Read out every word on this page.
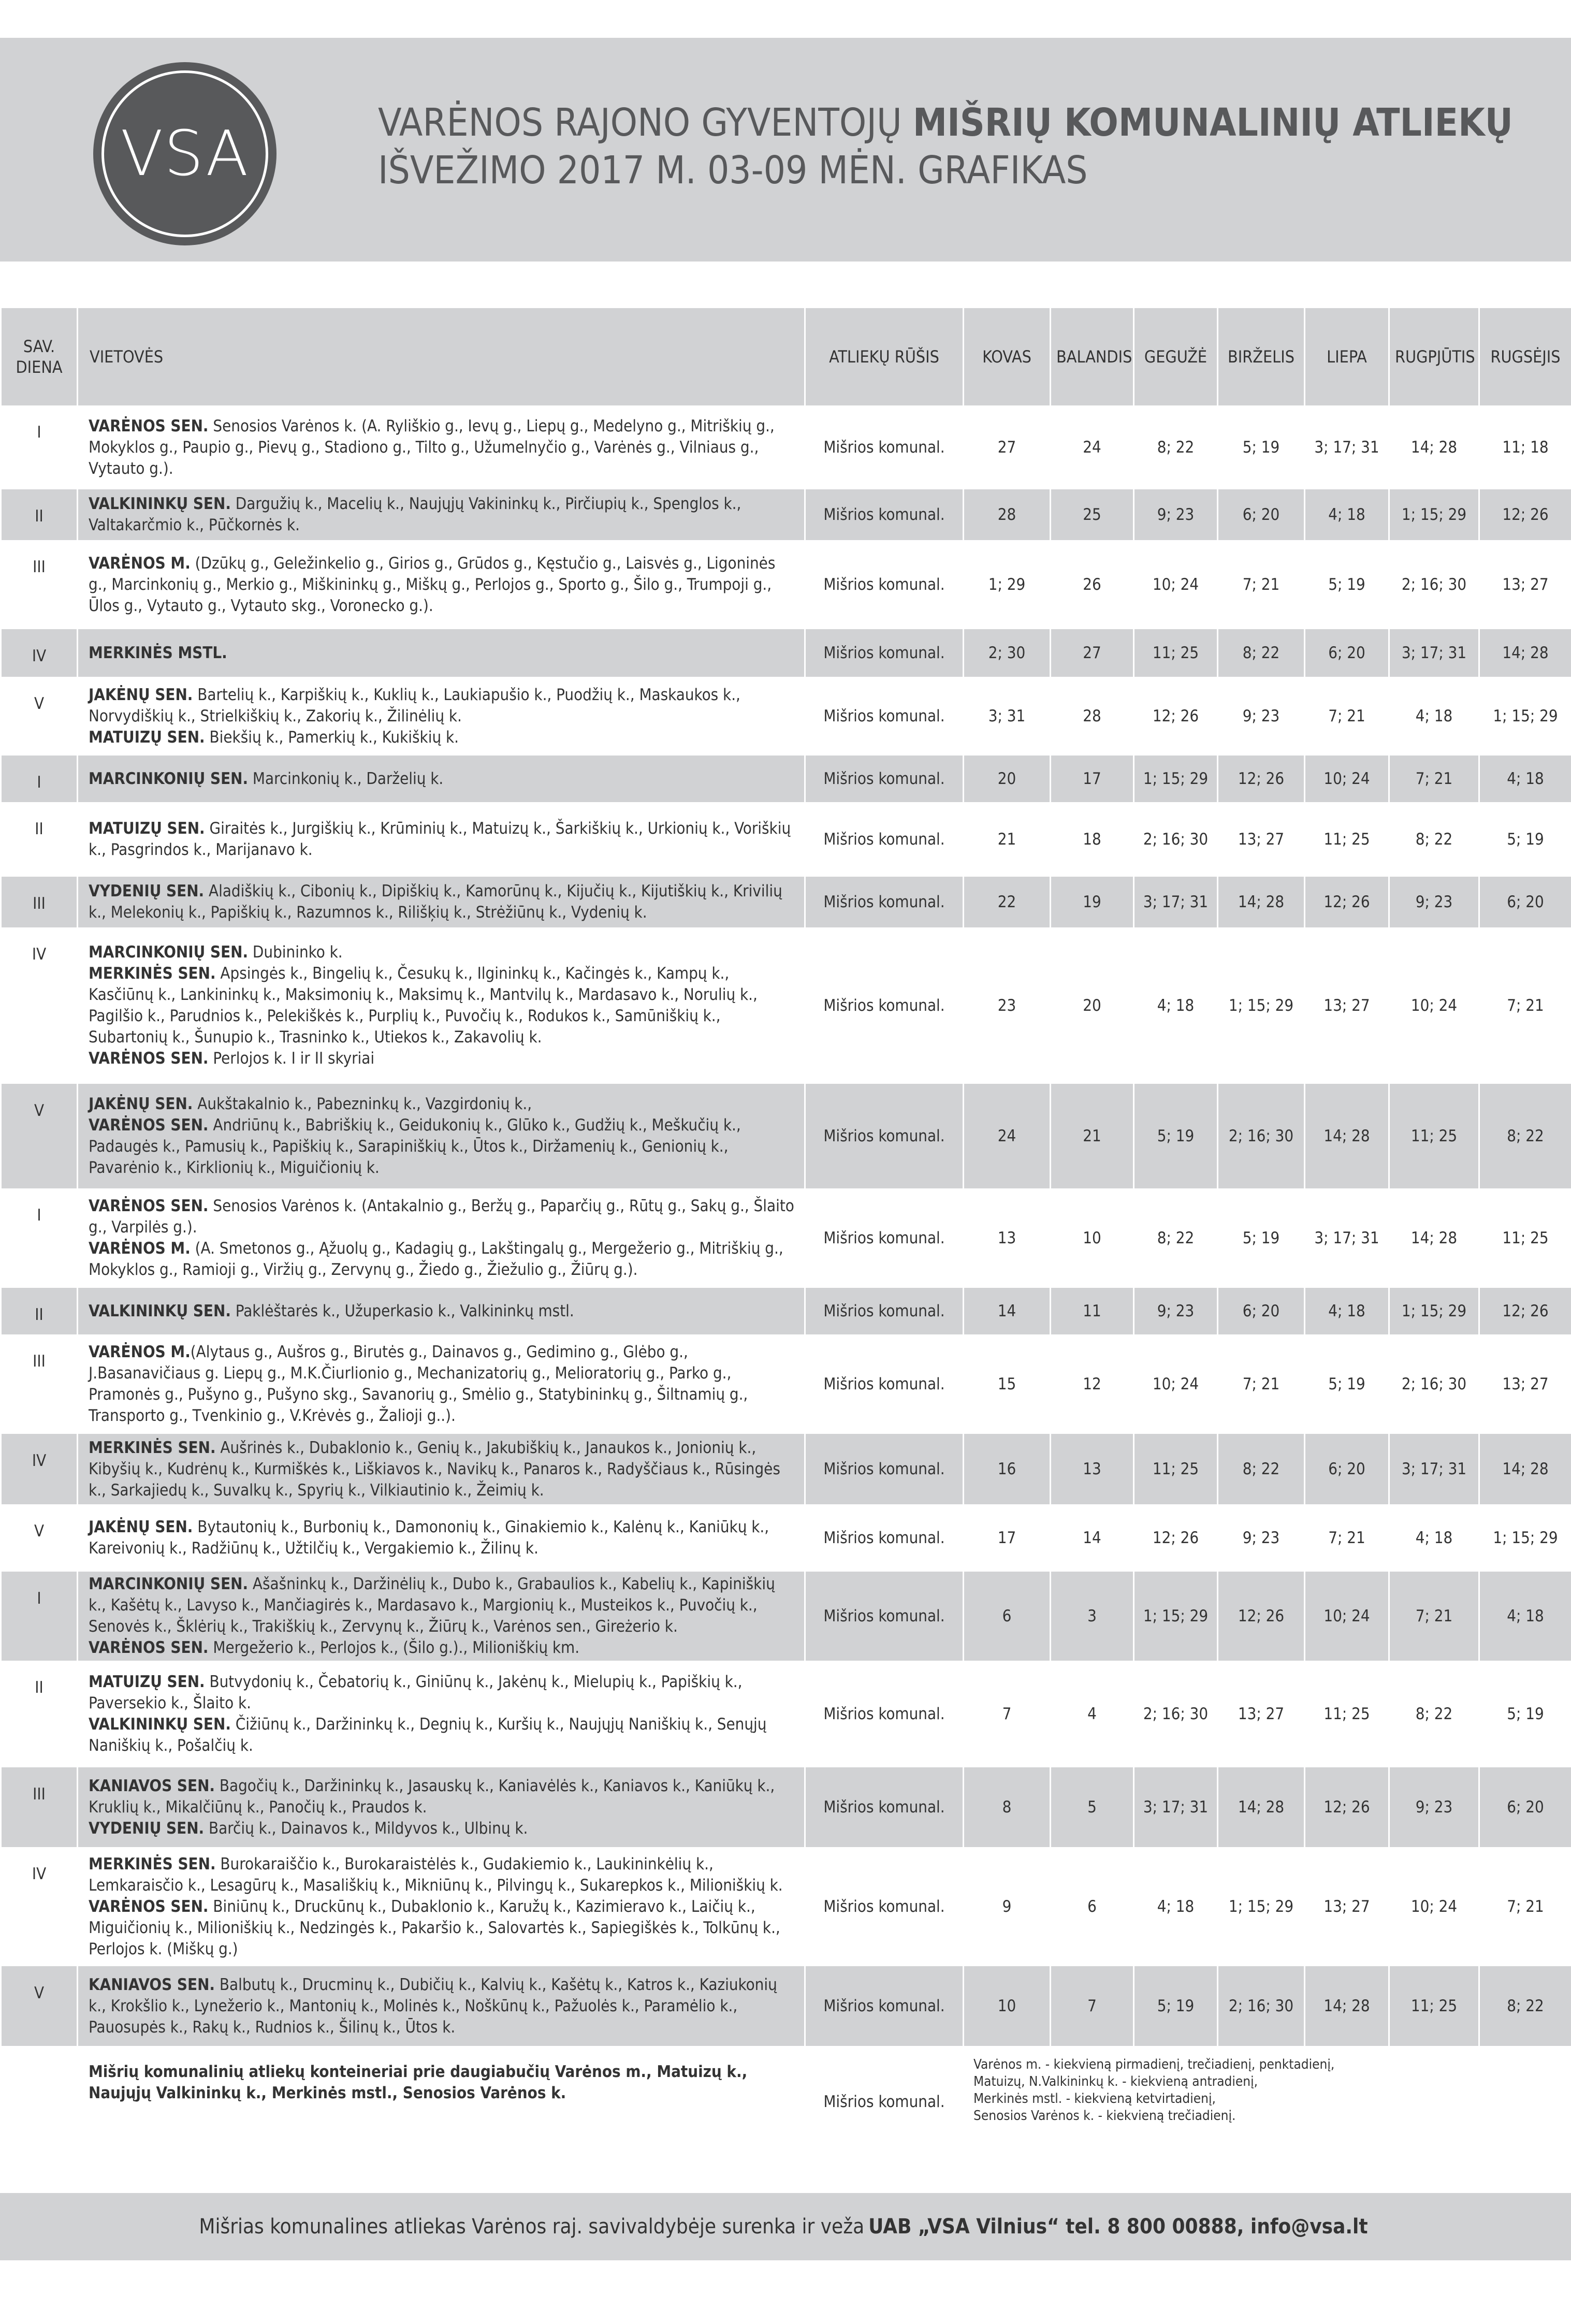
VSA	VARĖNOS RAJONO GYVENTOJŲ MIŠRIŲ KOMUNALINIŲ ATLIEKŲ
IŠVEŽIMO 2017 M. 03-09 MĖN. GRAFIKAS
SAV.
DIENA	VIETOVĖS	ATLIEKŲ RŪŠIS	KOVAS	BALANDIS	GEGUŽĖ	BIRŽELIS	LIEPA	RUGPJŪTIS	RUGSĖJIS
I	VARĖNOS SEN. Senosios Varėnos k. (A. Ryliškio g., Ievų g., Liepų g., Medelyno g., Mitriškių g., Mokyklos g., Paupio g., Pievų g., Stadiono g., Tilto g., Užumelnyčio g., Varėnės g., Vilniaus g., Vytauto g.).	Mišrios komunal.	27	24	8; 22	5; 19	3; 17; 31	14; 28	11; 18
II	VALKININKŲ SEN. Dargužių k., Macelių k., Naujųjų Vakininkų k., Pirčiupių k., Spenglos k., Valtakarčmio k., Pūčkornės k.	Mišrios komunal.	28	25	9; 23	6; 20	4; 18	1; 15; 29	12; 26
III	VARĖNOS M. (Dzūkų g., Geležinkelio g., Girios g., Grūdos g., Kęstučio g., Laisvės g., Ligoninės g., Marcinkonių g., Merkio g., Miškininkų g., Miškų g., Perlojos g., Sporto g., Šilo g., Trumpoji g., Ūlos g., Vytauto g., Vytauto skg., Voronecko g.).	Mišrios komunal.	1; 29	26	10; 24	7; 21	5; 19	2; 16; 30	13; 27
IV	MERKINĖS MSTL.	Mišrios komunal.	2; 30	27	11; 25	8; 22	6; 20	3; 17; 31	14; 28
V	JAKĖNŲ SEN. Bartelių k., Karpiškių k., Kuklių k., Laukiapušio k., Puodžių k., Maskaukos k., Norvydiškių k., Strielkiškių k., Zakorių k., Žilinėlių k.
MATUIZŲ SEN. Biekšių k., Pamerkių k., Kukiškių k.	Mišrios komunal.	3; 31	28	12; 26	9; 23	7; 21	4; 18	1; 15; 29
I	MARCINKONIŲ SEN. Marcinkonių k., Darželių k.	Mišrios komunal.	20	17	1; 15; 29	12; 26	10; 24	7; 21	4; 18
II	MATUIZŲ SEN. Giraitės k., Jurgiškių k., Krūminių k., Matuizų k., Šarkiškių k., Urkionių k., Voriškių k., Pasgrindos k., Marijanavo k.	Mišrios komunal.	21	18	2; 16; 30	13; 27	11; 25	8; 22	5; 19
III	VYDENIŲ SEN. Aladiškių k., Cibonių k., Dipiškių k., Kamorūnų k., Kijučių k., Kijutiškių k., Krivilių k., Melekonių k., Papiškių k., Razumnos k., Rilišķių k., Strėžiūnų k., Vydenių k.	Mišrios komunal.	22	19	3; 17; 31	14; 28	12; 26	9; 23	6; 20
IV	MARCINKONIŲ SEN. Dubininko k.
MERKINĖS SEN. Apsingės k., Bingelių k., Česukų k., Ilgininkų k., Kačingės k., Kampų k., Kasčiūnų k., Lankininkų k., Maksimonių k., Maksimų k., Mantvilų k., Mardasavo k., Norulių k., Pagilšio k., Parudnios k., Pelekiškės k., Purplių k., Puvočių k., Rodukos k., Samūniškių k., Subartonių k., Šunupio k., Trasninko k., Utiekos k., Zakavolių k.
VARĖNOS SEN. Perlojos k. I ir II skyriai	Mišrios komunal.	23	20	4; 18	1; 15; 29	13; 27	10; 24	7; 21
V	JAKĖNŲ SEN. Aukštakalnio k., Pabezninkų k., Vazgirdonių k.,
VARĖNOS SEN. Andriūnų k., Babriškių k., Geidukonių k., Glūko k., Gudžių k., Meškučių k., Padaugės k., Pamusių k., Papiškių k., Sarapiniškių k., Ūtos k., Diržamenių k., Genionių k., Pavarėnio k., Kirklionių k., Miguičionių k.	Mišrios komunal.	24	21	5; 19	2; 16; 30	14; 28	11; 25	8; 22
I	VARĖNOS SEN. Senosios Varėnos k. (Antakalnio g., Beržų g., Paparčių g., Rūtų g., Sakų g., Šlaito g., Varpilės g.).
VARĖNOS M. (A. Smetonos g., Ąžuolų g., Kadagių g., Lakštingalų g., Mergežerio g., Mitriškių g., Mokyklos g., Ramioji g., Viržių g., Zervynų g., Žiedo g., Žiežulio g., Žiūrų g.).	Mišrios komunal.	13	10	8; 22	5; 19	3; 17; 31	14; 28	11; 25
II	VALKININKŲ SEN. Paklėštarės k., Užuperkasio k., Valkininkų mstl.	Mišrios komunal.	14	11	9; 23	6; 20	4; 18	1; 15; 29	12; 26
III	VARĖNOS M.(Alytaus g., Aušros g., Birutės g., Dainavos g., Gedimino g., Glėbo g., J.Basanavičiaus g. Liepų g., M.K.Čiurlionio g., Mechanizatorių g., Melioratorių g., Parko g., Pramonės g., Pušyno g., Pušyno skg., Savanorių g., Smėlio g., Statybininkų g., Šiltnamių g., Transporto g., Tvenkinio g., V.Krėvės g., Žalioji g..).	Mišrios komunal.	15	12	10; 24	7; 21	5; 19	2; 16; 30	13; 27
IV	MERKINĖS SEN. Aušrinės k., Dubaklonio k., Genių k., Jakubiškių k., Janaukos k., Jonionių k., Kibyšių k., Kudrėnų k., Kurmiškės k., Liškiavos k., Navikų k., Panaros k., Radyščiaus k., Rūsingės k., Sarkajiedų k., Suvalkų k., Spyrių k., Vilkiautinio k., Žeimių k.	Mišrios komunal.	16	13	11; 25	8; 22	6; 20	3; 17; 31	14; 28
V	JAKĖNŲ SEN. Bytautonių k., Burbonių k., Damononių k., Ginakiemio k., Kalėnų k., Kaniūkų k., Kareivonių k., Radžiūnų k., Užtilčių k., Vergakiemio k., Žilinų k.	Mišrios komunal.	17	14	12; 26	9; 23	7; 21	4; 18	1; 15; 29
I	MARCINKONIŲ SEN. Ašašninkų k., Daržinėlių k., Dubo k., Grabaulios k., Kabelių k., Kapiniškių k., Kašėtų k., Lavyso k., Mančiagirės k., Mardasavo k., Margionių k., Musteikos k., Puvočių k., Senovės k., Šklėrių k., Trakiškių k., Zervynų k., Žiūrų k., Varėnos sen., Gireżerio k.
VARĖNOS SEN. Mergežerio k., Perlojos k., (Šilo g.)., Milioniškių km.	Mišrios komunal.	6	3	1; 15; 29	12; 26	10; 24	7; 21	4; 18
II	MATUIZŲ SEN. Butvydonių k., Čebatorių k., Giniūnų k., Jakėnų k., Mielupių k., Papiškių k., Paversekio k., Šlaito k.
VALKININKŲ SEN. Čižiūnų k., Daržininkų k., Degnių k., Kuršių k., Naujųjų Naniškių k., Senųjų Naniškių k., Pošalčių k.	Mišrios komunal.	7	4	2; 16; 30	13; 27	11; 25	8; 22	5; 19
III	KANIAVOS SEN. Bagočių k., Daržininkų k., Jasauskų k., Kaniavėlės k., Kaniavos k., Kaniūkų k., Kruklių k., Mikalčiūnų k., Panočių k., Praudos k.
VYDENIŲ SEN. Barčių k., Dainavos k., Mildyvos k., Ulbinų k.	Mišrios komunal.	8	5	3; 17; 31	14; 28	12; 26	9; 23	6; 20
IV	MERKINĖS SEN. Burokaraiščio k., Burokaraistėlės k., Gudakiemio k., Laukininkėlių k., Lemkaraisčio k., Lesagūrų k., Masališkių k., Mikniūnų k., Pilvingų k., Sukarepkos k., Milioniškių k.
VARĖNOS SEN. Biniūnų k., Druckūnų k., Dubaklonio k., Karužų k., Kazimieravo k., Laičių k., Miguičionių k., Milioniškių k., Nedzingės k., Pakaršio k., Salovartės k., Sapiegiškės k., Tolkūnų k., Perlojos k. (Miškų g.)	Mišrios komunal.	9	6	4; 18	1; 15; 29	13; 27	10; 24	7; 21
V	KANIAVOS SEN. Balbutų k., Drucminų k., Dubičių k., Kalvių k., Kašėtų k., Katros k., Kaziukonių k., Krokšlio k., Lynežerio k., Mantonių k., Molinės k., Noškūnų k., Pažuolės k., Paramėlio k., Pauosupės k., Rakų k., Rudnios k., Šilinų k., Ūtos k.	Mišrios komunal.	10	7	5; 19	2; 16; 30	14; 28	11; 25	8; 22
	Mišrių komunalinių atliekų konteineriai prie daugiabučių Varėnos m., Matuizų k., Naujųjų Valkininkų k., Merkinės mstl., Senosios Varėnos k.	Mišrios komunal.	Varėnos m. - kiekvieną pirmadienį, trečiadienį, penktadienį,
Matuizų, N.Valkininkų k. - kiekvieną antradienį,
Merkinės mstl. - kiekvieną ketvirtadienį,
Senosios Varėnos k. - kiekvieną trečiadienį.						
Mišrias komunalines atliekas Varėnos raj. savivaldybėje surenka ir veža UAB „VSA Vilnius“ tel. 8 800 00888, info@vsa.lt
